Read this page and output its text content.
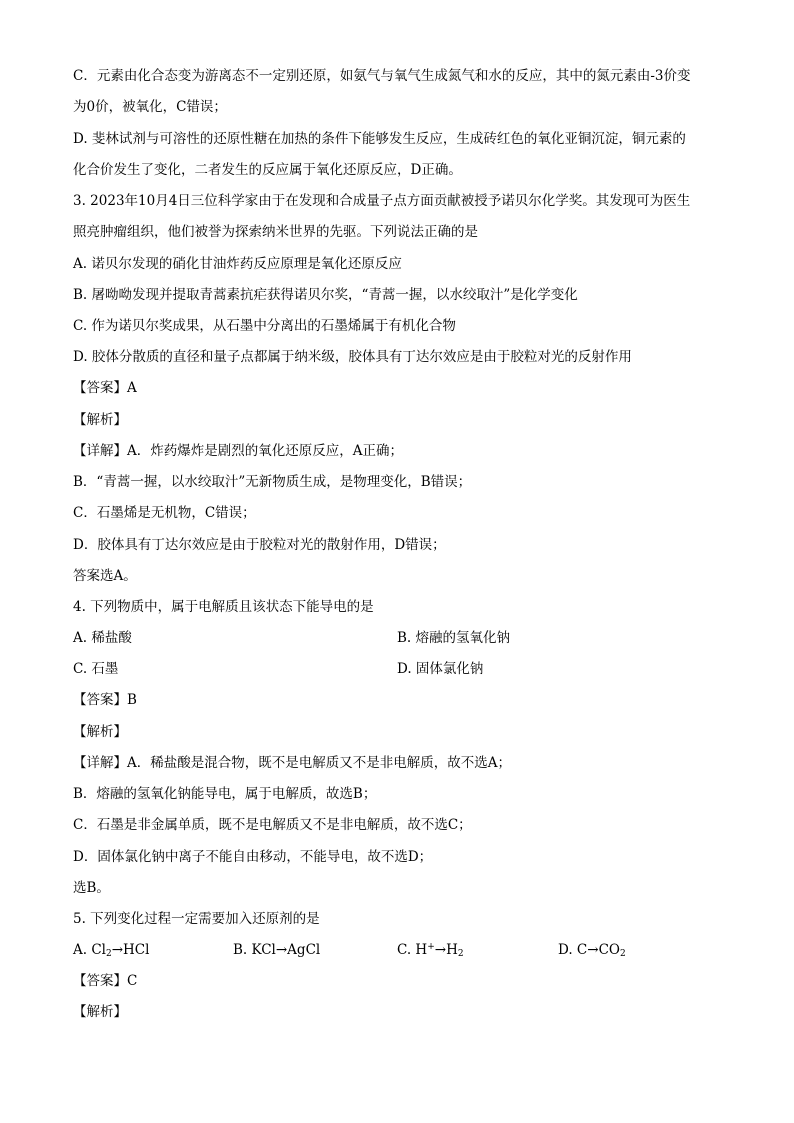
C．元素由化合态变为游离态不一定别还原，如氨气与氧气生成氮气和水的反应，其中的氮元素由-3价变
为0价，被氧化，C错误；
D. 斐林试剂与可溶性的还原性糖在加热的条件下能够发生反应，生成砖红色的氧化亚铜沉淀，铜元素的
化合价发生了变化，二者发生的反应属于氧化还原反应，D正确。
3. 2023年10月4日三位科学家由于在发现和合成量子点方面贡献被授予诺贝尔化学奖。其发现可为医生
照亮肿瘤组织，他们被誉为探索纳米世界的先驱。下列说法正确的是
A. 诺贝尔发现的硝化甘油炸药反应原理是氧化还原反应
B. 屠呦呦发现并提取青蒿素抗疟获得诺贝尔奖，“青蒿一握，以水绞取汁”是化学变化
C. 作为诺贝尔奖成果，从石墨中分离出的石墨烯属于有机化合物
D. 胶体分散质的直径和量子点都属于纳米级，胶体具有丁达尔效应是由于胶粒对光的反射作用
【答案】A
【解析】
【详解】A．炸药爆炸是剧烈的氧化还原反应，A正确；
B．“青蒿一握，以水绞取汁”无新物质生成，是物理变化，B错误；
C．石墨烯是无机物，C错误；
D．胶体具有丁达尔效应是由于胶粒对光的散射作用，D错误；
答案选A。
4. 下列物质中，属于电解质且该状态下能导电的是
A. 稀盐酸	B. 熔融的氢氧化钠
C. 石墨	D. 固体氯化钠
【答案】B
【解析】
【详解】A．稀盐酸是混合物，既不是电解质又不是非电解质，故不选A；
B．熔融的氢氧化钠能导电，属于电解质，故选B；
C．石墨是非金属单质，既不是电解质又不是非电解质，故不选C；
D．固体氯化钠中离子不能自由移动，不能导电，故不选D；
选B。
5. 下列变化过程一定需要加入还原剂的是
A. $Cl_2\to HCl$	B. KCl→AgCl	C. $H^+\to H_2$	D. $C\to CO_2$
【答案】C
【解析】
